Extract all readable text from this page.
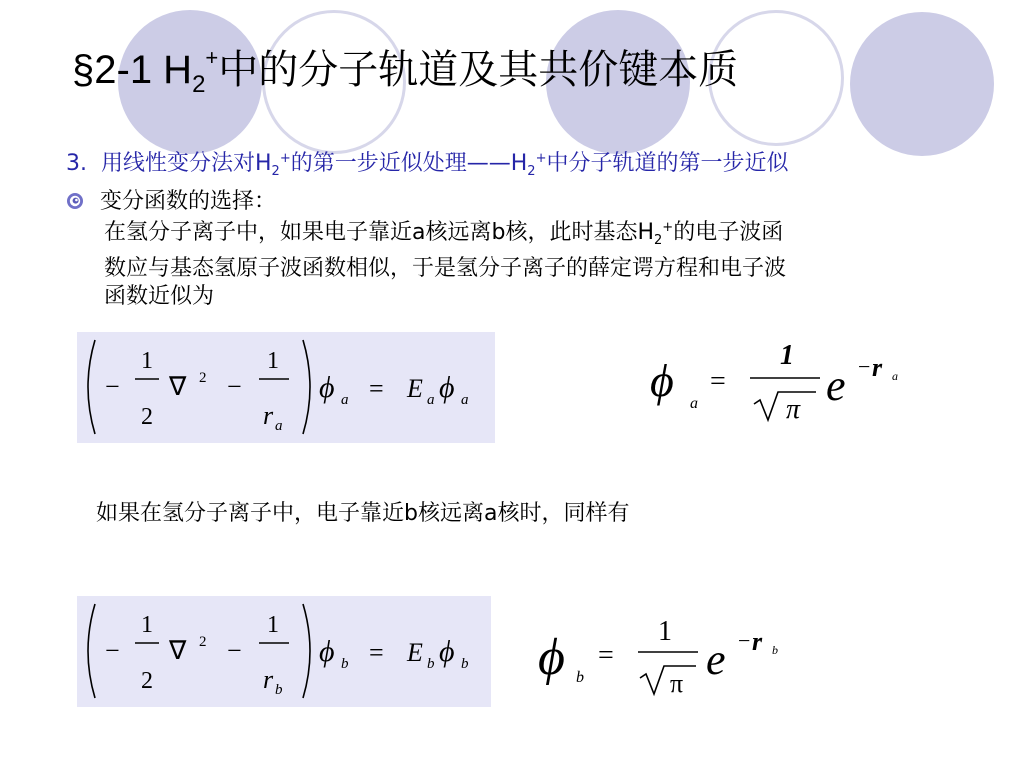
§2-1 $H_2^+$中的分子轨道及其共价键本质
3. 用线性变分法对$H_2^+$的第一步近似处理$——H_2^+$中分子轨道的第一步近似
变分函数的选择：
在氢分子离子中，如果电子靠近a核远离b核，此时基态$H_2^+$的电子波函
数应与基态氢原子波函数相似，于是氢分子离子的薛定谔方程和电子波
函数近似为
−
1
2
∇ 2 −
1
r a
ϕ a = E a ϕ a	ϕ a
=
1
π e − r a
如果在氢分子离子中，电子靠近b核远离a核时，同样有
−
1
2
∇ 2 −
1
r b
ϕ b = E b ϕ b ϕ b
=
1
π e − r b
